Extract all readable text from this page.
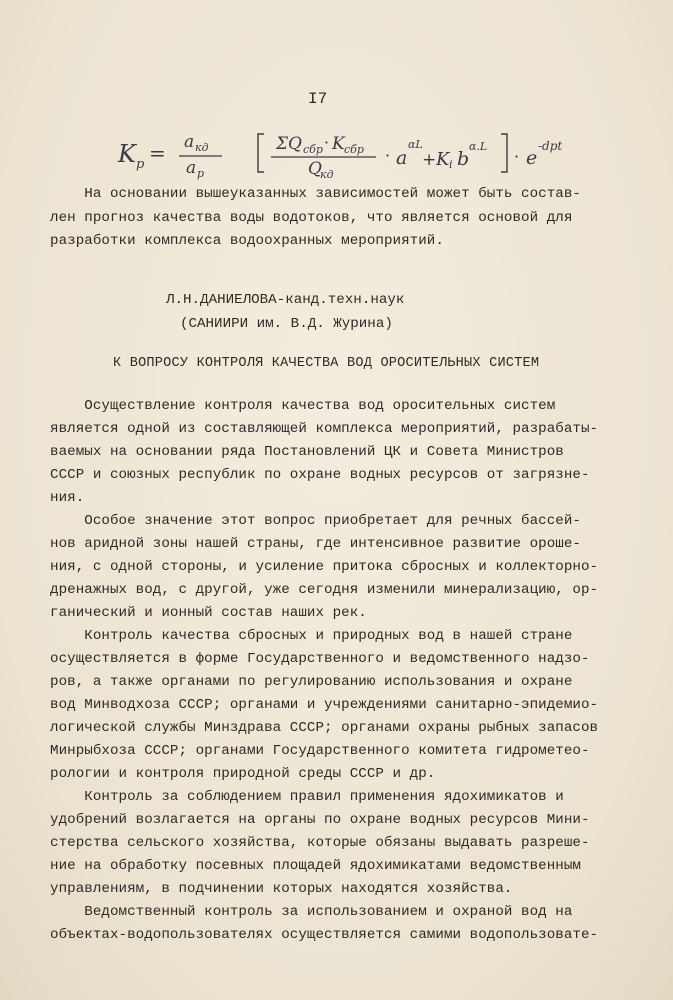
I7
K p = a кд
a p
ΣQ сбр · K сбр
Q
кд
· a
αL
+ K i b
α.L
· e
-dpt
На основании вышеуказанных зависимостей может быть состав-
лен прогноз качества воды водотоков, что является основой для
разработки комплекса водоохранных мероприятий.
Л.Н.ДАНИЕЛОВА-канд.техн.наук
(САНИИРИ им. В.Д. Журина)
К ВОПРОСУ КОНТРОЛЯ КАЧЕСТВА ВОД ОРОСИТЕЛЬНЫХ СИСТЕМ
Осуществление контроля качества вод оросительных систем
является одной из составляющей комплекса мероприятий, разрабаты-
ваемых на основании ряда Постановлений ЦК и Совета Министров
СССР и союзных республик по охране водных ресурсов от загрязне-
ния.
Особое значение этот вопрос приобретает для речных бассей-
нов аридной зоны нашей страны, где интенсивное развитие ороше-
ния, с одной стороны, и усиление притока сбросных и коллекторно-
дренажных вод, с другой, уже сегодня изменили минерализацию, ор-
ганический и ионный состав наших рек.
Контроль качества сбросных и природных вод в нашей стране
осуществляется в форме Государственного и ведомственного надзо-
ров, а также органами по регулированию использования и охране
вод Минводхоза СССР; органами и учреждениями санитарно-эпидемио-
логической службы Минздрава СССР; органами охраны рыбных запасов
Минрыбхоза СССР; органами Государственного комитета гидрометео-
рологии и контроля природной среды СССР и др.
Контроль за соблюдением правил применения ядохимикатов и
удобрений возлагается на органы по охране водных ресурсов Мини-
стерства сельского хозяйства, которые обязаны выдавать разреше-
ние на обработку посевных площадей ядохимикатами ведомственным
управлениям, в подчинении которых находятся хозяйства.
Ведомственный контроль за использованием и охраной вод на
объектах-водопользователях осуществляется самими водопользовате-
